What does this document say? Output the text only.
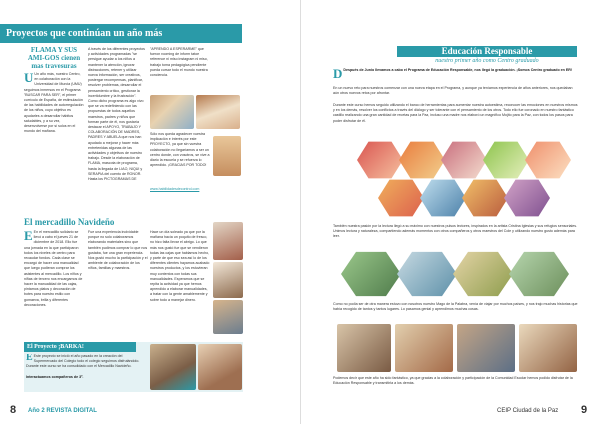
Proyectos que continúan un año más
FLAMA Y SUS AMI-GOS cienen mas travesuras
U Un año más, nuestro Centro, en colaboración con la Universidad de Murcia (UMU) seguimos inmersos en el Programa "BUSCAR PARA SER", el primer currículo de España, de estimulación de las habilidades de autorregulación de los niños, cuyo objetivo es ayudarles a desarrollar hábitos saludables, y a su vez, desenvolverse por sí solos en el mundo del mañana.
A través de los diferentes proyectos y actividades programadas "se persigue ayudar a los niños a mantener la atención, ignorar distracciones, retener y utilizar nueva información, ser creativos, postergar recompensas, planificar, resolver problemas, desarrollar el pensamiento crítico, gestionar la incertidumbre y la frustración". Como dicho programa es algo vivo que se va redefiniendo con las propuestas de todos aquellos maestros, padres y niños que forman parte de él, nos gustaría destacar el APOYO, TRABAJO Y COLABORACIÓN DE MADRES, PADRES Y ABUELA que nos han ayudado a mejorar y hacer más entretenidas algunas de las actividades y objetivos de nuestro trabajo. Desde la elaboración de FLAMA, mascota de programa, hasta la llegada de LIAO, NIQUI y SERAPIA del cuento de RONOR. Hasta los PICTOGRAMAS DE
"APRENDO A ESPERARME" que fueron rooming de inform tatoe reference ni miso instagram ni miso, trabajo toma pedagógica pendiente pueda cursar todo el mundo nuestra conciencia.
Sólo nos queda agradecer vuestra implicación e interés por este PROYECTO, ya que sin vuestra colaboración no llegaríamos a ser un centro donde, con vosotros, se vive a diario la escuela y se refuerza lo aprendido. ¡GRACIAS POR TODO!
www.habilidadesdecontrol.com
El mercadillo Navideño
E En el mercadillo solidario se llevó a cabo el jueves 21 de diciembre de 2018. Ello fue una jornada en la que participaron todos los niveles de centro para recaudar fondos. Cada clase se encargó de hacer una manualidad que luego pudieran comprar los asistentes al mercadillo. Los niños y niñas de tercero nos encargamos de hacer la manualidad de las cajas, pintamos platos y decoración de botes para nuestro estilo con gomaeva, brilla y diferentes decoraciones.
Fue una experiencia inolvidable porque no solo colaboramos elaborando materiales sino que también pudimos comprar lo que nos gustaba, fue una gran experiencia. Nos gustó mucho la participación y el ambiente de colaboración de los niños, familias y maestros.
Hace un día soleado ya que por la mañana hacía un poquito de fresco, no hizo falta llevar el abrigo. Lo que más nos gustó fue que se vendieron todas las cajas que hablamos hecho, y parte de que eso sea así lo de los diferentes clientes hayamos acabado nuestros productos, y los estuvieran muy contentos con todas sus manualidades. Esperamos que se repita la actividad ya que hemos aprendido a elaborar manualidades, a tratar con la gente amablemente y sobre todo a manejar dinero.
El Proyecto ¡BARKA!
E Este proyecto se inició el año pasado en la creación del Supermercado del Colegio todo el colegio seguimos disfrutándolo.
Durante este curso se ha consolidado con el Mercadillo Navideño.

Interactuamos compañeros de 3º.
8 Año 2 REVISTA DIGITAL
Educación Responsable
nuestro primer año como Centro graduado
D Después de Junio llevamos a cabo el Programa de Educación Responsable, nos llegó la graduación. ¡Somos Centro graduado en ER!
En un nuevo reto para nuestros comenzar con una nueva etapa en el Programa, y aunque ya teníamos experiencia de años anteriores, nos quedaban aún otros nuevos retos por afrontar.
Durante este curso hemos seguido utilizando el banco de herramientas para aumentar nuestra autoestima, reconocer las emociones en nuestros mismos y en los demás, resolver los conflictos a través del diálogo y ser tolerante con el pensamiento de los otros. Todo ello fue coronado en nuestro fantástico castillo realizando una gran cantidad de recetas para la Paz, incluso una madre nos elaboró un magnífico Mojito para la Paz, con todos los pasos para poder disfrutar de él.
También nuestra pasión por la lectura llegó a su máximo con nuestros pulsos lectores, inspirados en la artista Cristina Iglesias y sus refugios sensoriales. Unimos lectura y naturaleza, compartiendo además momentos con otros compañeros y otros maestros del Cole y utilizando nuestro gusto además para leer.
Como no podía ser de otra manera estuvo con nosotros nuestro Mago de la Palabra, venía de viajar por muchos países, y nos trajo muchas historias que había recogido de tantos y tantos lugares. Lo pasamos genial y aprendimos muchas cosas.
Podemos decir que este año ha sido fantástico, ya que gracias a la colaboración y participación de la Comunidad Escolar hemos podido disfrutar de la Educación Responsable y transmitirla a los demás.
CEIP Ciudad de la Paz 9
